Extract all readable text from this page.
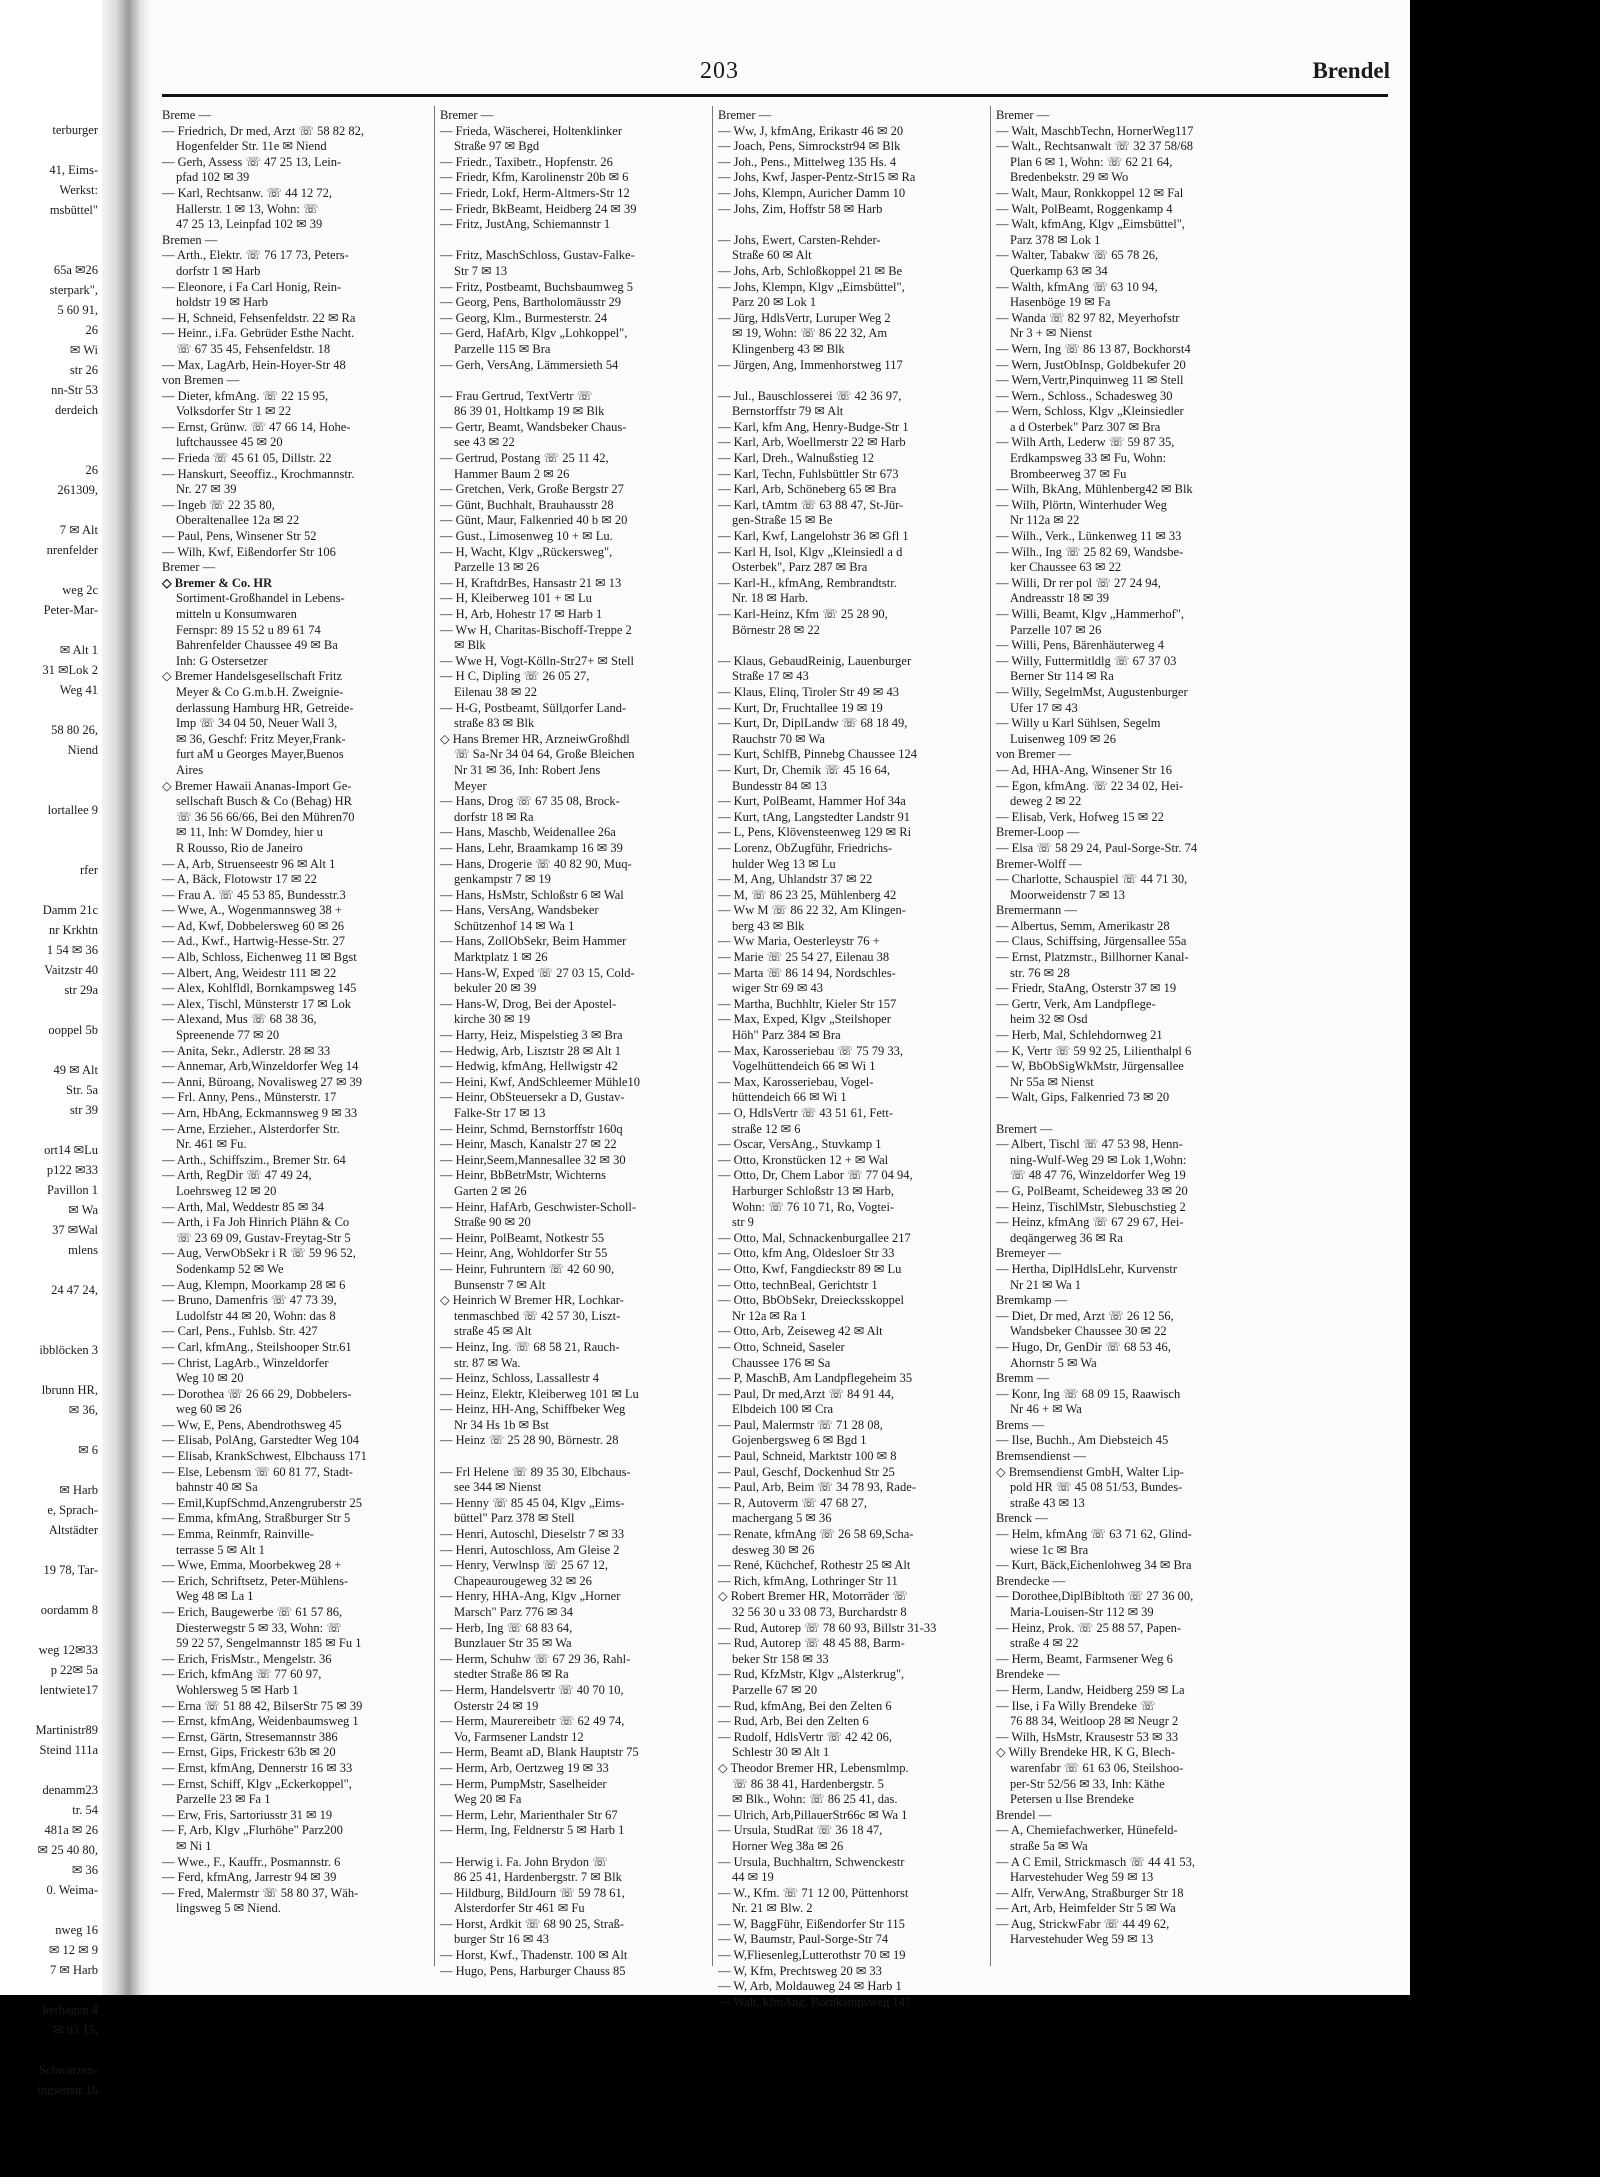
terburger

41, Eims-
Werkst:
msbüttel"

65a ✉26
sterpark",
5 60 91,
26
✉ Wi
str 26
nn-Str 53
derdeich

26
261309,

7 ✉ Alt
nrenfelder

weg 2c
Peter-Mar-

✉ Alt 1
31 ✉Lok 2
Weg 41

58 80 26,
Niend

lortallee 9

rfer

Damm 21c
nr Krkhtn
1 54 ✉ 36
Vaitzstr 40
str 29a

ooppel 5b

49 ✉ Alt
Str. 5a
str 39

ort14 ✉Lu
p122 ✉33
Pavillon 1
✉ Wa
37 ✉Wal
mlens

24 47 24,

ibblöcken 3

lbrunn HR,
✉ 36,

✉ 6

✉ Harb
e, Sprach-
Altstädter

19 78, Tar-

oordamm 8

weg 12✉33
p 22✉ 5a
lentwiete17

Martinistr89
Steind 111a

denamm23
tr. 54
481a ✉ 26
✉ 25 40 80,
✉ 36
0. Weima-

nweg 16
✉ 12 ✉ 9
7 ✉ Harb

kerhagen 4
✉ 93 15,

Schwarzen-
ingsenstr 16
203	Brendel
Breme —
— Friedrich, Dr med, Arzt ☏ 58 82 82,
Hogenfelder Str. 11e ✉ Niend
— Gerh, Assess ☏ 47 25 13, Lein-
pfad 102 ✉ 39
— Karl, Rechtsanw. ☏ 44 12 72,
Hallerstr. 1 ✉ 13, Wohn: ☏
47 25 13, Leinpfad 102 ✉ 39
Bremen —
— Arth., Elektr. ☏ 76 17 73, Peters-
dorfstr 1 ✉ Harb
— Eleonore, i Fa Carl Honig, Rein-
holdstr 19 ✉ Harb
— H, Schneid, Fehsenfeldstr. 22 ✉ Ra
— Heinr., i.Fa. Gebrüder Esthe Nacht.
☏ 67 35 45, Fehsenfeldstr. 18
— Max, LagArb, Hein-Hoyer-Str 48
von Bremen —
— Dieter, kfmAng. ☏ 22 15 95,
Volksdorfer Str 1 ✉ 22
— Ernst, Grünw. ☏ 47 66 14, Hohe-
luftchaussee 45 ✉ 20
— Frieda ☏ 45 61 05, Dillstr. 22
— Hanskurt, Seeoffiz., Krochmannstr.
Nr. 27 ✉ 39
— Ingeb ☏ 22 35 80,
Oberaltenallee 12a ✉ 22
— Paul, Pens, Winsener Str 52
— Wilh, Kwf, Eißendorfer Str 106
Bremer —
◇ Bremer & Co. HR
Sortiment-Großhandel in Lebens-
mitteln u Konsumwaren
Fernspr: 89 15 52 u 89 61 74
Bahrenfelder Chaussee 49 ✉ Ba
Inh: G Ostersetzer
◇ Bremer Handelsgesellschaft Fritz
Meyer & Co G.m.b.H. Zweignie-
derlassung Hamburg HR, Getreide-
Imp ☏ 34 04 50, Neuer Wall 3,
✉ 36, Geschf: Fritz Meyer,Frank-
furt aM u Georges Mayer,Buenos
Aires
◇ Bremer Hawaii Ananas-Import Ge-
sellschaft Busch & Co (Behag) HR
☏ 36 56 66/66, Bei den Mühren70
✉ 11, Inh: W Domdey, hier u
R Rousso, Rio de Janeiro
— A, Arb, Struenseestr 96 ✉ Alt 1
— A, Bäck, Flotowstr 17 ✉ 22
— Frau A. ☏ 45 53 85, Bundesstr.3
— Wwe, A., Wogenmannsweg 38 +
— Ad, Kwf, Dobbelersweg 60 ✉ 26
— Ad., Kwf., Hartwig-Hesse-Str. 27
— Alb, Schloss, Eichenweg 11 ✉ Bgst
— Albert, Ang, Weidestr 111 ✉ 22
— Alex, Kohlfldl, Bornkampsweg 145
— Alex, Tischl, Münsterstr 17 ✉ Lok
— Alexand, Mus ☏ 68 38 36,
Spreenende 77 ✉ 20
— Anita, Sekr., Adlerstr. 28 ✉ 33
— Annemar, Arb,Winzeldorfer Weg 14
— Anni, Büroang, Novalisweg 27 ✉ 39
— Frl. Anny, Pens., Münsterstr. 17
— Arn, HbAng, Eckmannsweg 9 ✉ 33
— Arne, Erzieher., Alsterdorfer Str.
Nr. 461 ✉ Fu.
— Arth., Schiffszim., Bremer Str. 64
— Arth, RegDir ☏ 47 49 24,
Loehrsweg 12 ✉ 20
— Arth, Mal, Weddestr 85 ✉ 34
— Arth, i Fa Joh Hinrich Plähn & Co
☏ 23 69 09, Gustav-Freytag-Str 5
— Aug, VerwObSekr i R ☏ 59 96 52,
Sodenkamp 52 ✉ We
— Aug, Klempn, Moorkamp 28 ✉ 6
— Bruno, Damenfris ☏ 47 73 39,
Ludolfstr 44 ✉ 20, Wohn: das 8
— Carl, Pens., Fuhlsb. Str. 427
— Carl, kfmAng., Steilshooper Str.61
— Christ, LagArb., Winzeldorfer
Weg 10 ✉ 20
— Dorothea ☏ 26 66 29, Dobbelers-
weg 60 ✉ 26
— Ww, E, Pens, Abendrothsweg 45
— Elisab, PolAng, Garstedter Weg 104
— Elisab, KrankSchwest, Elbchauss 171
— Else, Lebensm ☏ 60 81 77, Stadt-
bahnstr 40 ✉ Sa
— Emil,KupfSchmd,Anzengruberstr 25
— Emma, kfmAng, Straßburger Str 5
— Emma, Reinmfr, Rainville-
terrasse 5 ✉ Alt 1
— Wwe, Emma, Moorbekweg 28 +
— Erich, Schriftsetz, Peter-Mühlens-
Weg 48 ✉ La 1
— Erich, Baugewerbe ☏ 61 57 86,
Diesterwegstr 5 ✉ 33, Wohn: ☏
59 22 57, Sengelmannstr 185 ✉ Fu 1
— Erich, FrisMstr., Mengelstr. 36
— Erich, kfmAng ☏ 77 60 97,
Wohlersweg 5 ✉ Harb 1
— Erna ☏ 51 88 42, BilserStr 75 ✉ 39
— Ernst, kfmAng, Weidenbaumsweg 1
— Ernst, Gärtn, Stresemannstr 386
— Ernst, Gips, Frickestr 63b ✉ 20
— Ernst, kfmAng, Dennerstr 16 ✉ 33
— Ernst, Schiff, Klgv „Eckerkoppel",
Parzelle 23 ✉ Fa 1
— Erw, Fris, Sartoriusstr 31 ✉ 19
— F, Arb, Klgv „Flurhöhe" Parz200
✉ Ni 1
— Wwe., F., Kauffr., Posmannstr. 6
— Ferd, kfmAng, Jarrestr 94 ✉ 39
— Fred, Malermstr ☏ 58 80 37, Wäh-
lingsweg 5 ✉ Niend.
Bremer —
— Frieda, Wäscherei, Holtenklinker
Straße 97 ✉ Bgd
— Friedr., Taxibetr., Hopfenstr. 26
— Friedr, Kfm, Karolinenstr 20b ✉ 6
— Friedr, Lokf, Herm-Altmers-Str 12
— Friedr, BkBeamt, Heidberg 24 ✉ 39
— Fritz, JustAng, Schiemannstr 1

— Fritz, MaschSchloss, Gustav-Falke-
Str 7 ✉ 13
— Fritz, Postbeamt, Buchsbaumweg 5
— Georg, Pens, Bartholomäusstr 29
— Georg, Klm., Burmesterstr. 24
— Gerd, HafArb, Klgv „Lohkoppel",
Parzelle 115 ✉ Bra
— Gerh, VersAng, Lämmersieth 54

— Frau Gertrud, TextVertr ☏
86 39 01, Holtkamp 19 ✉ Blk
— Gertr, Beamt, Wandsbeker Chaus-
see 43 ✉ 22
— Gertrud, Postang ☏ 25 11 42,
Hammer Baum 2 ✉ 26
— Gretchen, Verk, Große Bergstr 27
— Günt, Buchhalt, Brauhausstr 28
— Günt, Maur, Falkenried 40 b ✉ 20
— Gust., Limosenweg 10 + ✉ Lu.
— H, Wacht, Klgv „Rückersweg",
Parzelle 13 ✉ 26
— H, KraftdrBes, Hansastr 21 ✉ 13
— H, Kleiberweg 101 + ✉ Lu
— H, Arb, Hohestr 17 ✉ Harb 1
— Ww H, Charitas-Bischoff-Treppe 2
✉ Blk
— Wwe H, Vogt-Kölln-Str27+ ✉ Stell
— H C, Dipling ☏ 26 05 27,
Eilenau 38 ✉ 22
— H-G, Postbeamt, Süllдorfer Land-
straße 83 ✉ Blk
◇ Hans Bremer HR, ArzneiwGroßhdl
☏ Sa-Nr 34 04 64, Große Bleichen
Nr 31 ✉ 36, Inh: Robert Jens
Meyer
— Hans, Drog ☏ 67 35 08, Brock-
dorfstr 18 ✉ Ra
— Hans, Maschb, Weidenallee 26a
— Hans, Lehr, Braamkamp 16 ✉ 39
— Hans, Drogerie ☏ 40 82 90, Muq-
genkampstr 7 ✉ 19
— Hans, HsMstr, Schloßstr 6 ✉ Wal
— Hans, VersAng, Wandsbeker
Schützenhof 14 ✉ Wa 1
— Hans, ZollObSekr, Beim Hammer
Marktplatz 1 ✉ 26
— Hans-W, Exped ☏ 27 03 15, Cold-
bekuler 20 ✉ 39
— Hans-W, Drog, Bei der Apostel-
kirche 30 ✉ 19
— Harry, Heiz, Mispelstieg 3 ✉ Bra
— Hedwig, Arb, Lisztstr 28 ✉ Alt 1
— Hedwig, kfmAng, Hellwigstr 42
— Heini, Kwf, AndSchleemer Mühle10
— Heinr, ObSteuersekr a D, Gustav-
Falke-Str 17 ✉ 13
— Heinr, Schmd, Bernstorffstr 160q
— Heinr, Masch, Kanalstr 27 ✉ 22
— Heinr,Seem,Mannesallee 32 ✉ 30
— Heinr, BbBetrMstr, Wichterns
Garten 2 ✉ 26
— Heinr, HafArb, Geschwister-Scholl-
Straße 90 ✉ 20
— Heinr, PolBeamt, Notkestr 55
— Heinr, Ang, Wohldorfer Str 55
— Heinr, Fuhruntern ☏ 42 60 90,
Bunsenstr 7 ✉ Alt
◇ Heinrich W Bremer HR, Lochkar-
tenmaschbed ☏ 42 57 30, Liszt-
straße 45 ✉ Alt
— Heinz, Ing. ☏ 68 58 21, Rauch-
str. 87 ✉ Wa.
— Heinz, Schloss, Lassallestr 4
— Heinz, Elektr, Kleiberweg 101 ✉ Lu
— Heinz, HH-Ang, Schiffbeker Weg
Nr 34 Hs 1b ✉ Bst
— Heinz ☏ 25 28 90, Börnestr. 28

— Frl Helene ☏ 89 35 30, Elbchaus-
see 344 ✉ Nienst
— Henny ☏ 85 45 04, Klgv „Eims-
büttel" Parz 378 ✉ Stell
— Henri, Autoschl, Dieselstr 7 ✉ 33
— Henri, Autoschloss, Am Gleise 2
— Henry, Verwlnsp ☏ 25 67 12,
Chapeaurougeweg 32 ✉ 26
— Henry, HHA-Ang, Klgv „Horner
Marsch" Parz 776 ✉ 34
— Herb, Ing ☏ 68 83 64,
Bunzlauer Str 35 ✉ Wa
— Herm, Schuhw ☏ 67 29 36, Rahl-
stedter Straße 86 ✉ Ra
— Herm, Handelsvertr ☏ 40 70 10,
Osterstr 24 ✉ 19
— Herm, Maurereibetr ☏ 62 49 74,
Vo, Farmsener Landstr 12
— Herm, Beamt aD, Blank Hauptstr 75
— Herm, Arb, Oertzweg 19 ✉ 33
— Herm, PumpMstr, Saselheider
Weg 20 ✉ Fa
— Herm, Lehr, Marienthaler Str 67
— Herm, Ing, Feldnerstr 5 ✉ Harb 1

— Herwig i. Fa. John Brydon ☏
86 25 41, Hardenbergstr. 7 ✉ Blk
— Hildburg, BildJourn ☏ 59 78 61,
Alsterdorfer Str 461 ✉ Fu
— Horst, Ardkit ☏ 68 90 25, Straß-
burger Str 16 ✉ 43
— Horst, Kwf., Thadenstr. 100 ✉ Alt
— Hugo, Pens, Harburger Chauss 85
Bremer —
— Ww, J, kfmAng, Erikastr 46 ✉ 20
— Joach, Pens, Simrockstr94 ✉ Blk
— Joh., Pens., Mittelweg 135 Hs. 4
— Johs, Kwf, Jasper-Pentz-Str15 ✉ Ra
— Johs, Klempn, Auricher Damm 10
— Johs, Zim, Hoffstr 58 ✉ Harb

— Johs, Ewert, Carsten-Rehder-
Straße 60 ✉ Alt
— Johs, Arb, Schloßkoppel 21 ✉ Be
— Johs, Klempn, Klgv „Eimsbüttel",
Parz 20 ✉ Lok 1
— Jürg, HdlsVertr, Luruper Weg 2
✉ 19, Wohn: ☏ 86 22 32, Am
Klingenberg 43 ✉ Blk
— Jürgen, Ang, Immenhorstweg 117

— Jul., Bauschlosserei ☏ 42 36 97,
Bernstorffstr 79 ✉ Alt
— Karl, kfm Ang, Henry-Budge-Str 1
— Karl, Arb, Woellmerstr 22 ✉ Harb
— Karl, Dreh., Walnußstieg 12
— Karl, Techn, Fuhlsbüttler Str 673
— Karl, Arb, Schöneberg 65 ✉ Bra
— Karl, tAmtm ☏ 63 88 47, St-Jür-
gen-Straße 15 ✉ Be
— Karl, Kwf, Langelohstr 36 ✉ Gfl 1
— Karl H, Isol, Klgv „Kleinsiedl a d
Osterbek", Parz 287 ✉ Bra
— Karl-H., kfmAng, Rembrandtstr.
Nr. 18 ✉ Harb.
— Karl-Heinz, Kfm ☏ 25 28 90,
Börnestr 28 ✉ 22

— Klaus, GebaudReinig, Lauenburger
Straße 17 ✉ 43
— Klaus, Elinq, Tiroler Str 49 ✉ 43
— Kurt, Dr, Fruchtallee 19 ✉ 19
— Kurt, Dr, DiplLandw ☏ 68 18 49,
Rauchstr 70 ✉ Wa
— Kurt, SchlfB, Pinnebg Chaussee 124
— Kurt, Dr, Chemik ☏ 45 16 64,
Bundesstr 84 ✉ 13
— Kurt, PolBeamt, Hammer Hof 34a
— Kurt, tAng, Langstedter Landstr 91
— L, Pens, Klövensteenweg 129 ✉ Ri
— Lorenz, ObZugführ, Friedrichs-
hulder Weg 13 ✉ Lu
— M, Ang, Uhlandstr 37 ✉ 22
— M, ☏ 86 23 25, Mühlenberg 42
— Ww M ☏ 86 22 32, Am Klingen-
berg 43 ✉ Blk
— Ww Maria, Oesterleystr 76 +
— Marie ☏ 25 54 27, Eilenau 38
— Marta ☏ 86 14 94, Nordschles-
wiger Str 69 ✉ 43
— Martha, Buchhltr, Kieler Str 157
— Max, Exped, Klgv „Steilshoper
Höh" Parz 384 ✉ Bra
— Max, Karosseriebau ☏ 75 79 33,
Vogelhüttendeich 66 ✉ Wi 1
— Max, Karosseriebau, Vogel-
hüttendeich 66 ✉ Wi 1
— O, HdlsVertr ☏ 43 51 61, Fett-
straße 12 ✉ 6
— Oscar, VersAng., Stuvkamp 1
— Otto, Kronstücken 12 + ✉ Wal
— Otto, Dr, Chem Labor ☏ 77 04 94,
Harburger Schloßstr 13 ✉ Harb,
Wohn: ☏ 76 10 71, Ro, Vogtei-
str 9
— Otto, Mal, Schnackenburgallee 217
— Otto, kfm Ang, Oldesloer Str 33
— Otto, Kwf, Fangdieckstr 89 ✉ Lu
— Otto, technBeal, Gerichtstr 1
— Otto, BbObSekr, Dreiecksskoppel
Nr 12a ✉ Ra 1
— Otto, Arb, Zeiseweg 42 ✉ Alt
— Otto, Schneid, Saseler
Chaussee 176 ✉ Sa
— P, MaschB, Am Landpflegeheim 35
— Paul, Dr med,Arzt ☏ 84 91 44,
Elbdeich 100 ✉ Cra
— Paul, Malermstr ☏ 71 28 08,
Gojenbergsweg 6 ✉ Bgd 1
— Paul, Schneid, Marktstr 100 ✉ 8
— Paul, Geschf, Dockenhud Str 25
— Paul, Arb, Beim ☏ 34 78 93, Rade-
— R, Autoverm ☏ 47 68 27,
machergang 5 ✉ 36
— Renate, kfmAng ☏ 26 58 69,Scha-
desweg 30 ✉ 26
— René, Küchchef, Rothestr 25 ✉ Alt
— Rich, kfmAng, Lothringer Str 11
◇ Robert Bremer HR, Motorräder ☏
32 56 30 u 33 08 73, Burchardstr 8
— Rud, Autorep ☏ 78 60 93, Billstr 31-33
— Rud, Autorep ☏ 48 45 88, Barm-
beker Str 158 ✉ 33
— Rud, KfzMstr, Klgv „Alsterkrug",
Parzelle 67 ✉ 20
— Rud, kfmAng, Bei den Zelten 6
— Rud, Arb, Bei den Zelten 6
— Rudolf, HdlsVertr ☏ 42 42 06,
Schlestr 30 ✉ Alt 1
◇ Theodor Bremer HR, Lebensmlmp.
☏ 86 38 41, Hardenbergstr. 5
✉ Blk., Wohn: ☏ 86 25 41, das.
— Ulrich, Arb,PillauerStr66c ✉ Wa 1
— Ursula, StudRat ☏ 36 18 47,
Horner Weg 38a ✉ 26
— Ursula, Buchhaltrn, Schwenckestr
44 ✉ 19
— W., Kfm. ☏ 71 12 00, Püttenhorst
Nr. 21 ✉ Blw. 2
— W, BaggFühr, Eißendorfer Str 115
— W, Baumstr, Paul-Sorge-Str 74
— W,Fliesenleg,Lutterothstr 70 ✉ 19
— W, Kfm, Prechtsweg 20 ✉ 33
— W, Arb, Moldauweg 24 ✉ Harb 1
— Walt, kfmAng, Bornkampsweg 147
Bremer —
— Walt, MaschbTechn, HornerWeg117
— Walt., Rechtsanwalt ☏ 32 37 58/68
Plan 6 ✉ 1, Wohn: ☏ 62 21 64,
Bredenbekstr. 29 ✉ Wo
— Walt, Maur, Ronkkoppel 12 ✉ Fal
— Walt, PolBeamt, Roggenkamp 4
— Walt, kfmAng, Klgv „Eimsbüttel",
Parz 378 ✉ Lok 1
— Walter, Tabakw ☏ 65 78 26,
Querkamp 63 ✉ 34
— Walth, kfmAng ☏ 63 10 94,
Hasenböge 19 ✉ Fa
— Wanda ☏ 82 97 82, Meyerhofstr
Nr 3 + ✉ Nienst
— Wern, Ing ☏ 86 13 87, Bockhorst4
— Wern, JustObInsp, Goldbekufer 20
— Wern,Vertr,Pinquinweg 11 ✉ Stell
— Wern., Schloss., Schadesweg 30
— Wern, Schloss, Klgv „Kleinsiedler
a d Osterbek" Parz 307 ✉ Bra
— Wilh Arth, Lederw ☏ 59 87 35,
Erdkampsweg 33 ✉ Fu, Wohn:
Brombeerweg 37 ✉ Fu
— Wilh, BkAng, Mühlenberg42 ✉ Blk
— Wilh, Plörtn, Winterhuder Weg
Nr 112a ✉ 22
— Wilh., Verk., Lünkenweg 11 ✉ 33
— Wilh., Ing ☏ 25 82 69, Wandsbe-
ker Chaussee 63 ✉ 22
— Willi, Dr rer pol ☏ 27 24 94,
Andreasstr 18 ✉ 39
— Willi, Beamt, Klgv „Hammerhof",
Parzelle 107 ✉ 26
— Willi, Pens, Bärenhäuterweg 4
— Willy, Futtermitldlg ☏ 67 37 03
Berner Str 114 ✉ Ra
— Willy, SegelmMst, Augustenburger
Ufer 17 ✉ 43
— Willy u Karl Sühlsen, Segelm
Luisenweg 109 ✉ 26
von Bremer —
— Ad, HHA-Ang, Winsener Str 16
— Egon, kfmAng. ☏ 22 34 02, Hei-
deweg 2 ✉ 22
— Elisab, Verk, Hofweg 15 ✉ 22
Bremer-Loop —
— Elsa ☏ 58 29 24, Paul-Sorge-Str. 74
Bremer-Wolff —
— Charlotte, Schauspiel ☏ 44 71 30,
Moorweidenstr 7 ✉ 13
Bremermann —
— Albertus, Semm, Amerikastr 28
— Claus, Schiffsing, Jürgensallee 55a
— Ernst, Platzmstr., Billhorner Kanal-
str. 76 ✉ 28
— Friedr, StaAng, Osterstr 37 ✉ 19
— Gertr, Verk, Am Landpflege-
heim 32 ✉ Osd
— Herb, Mal, Schlehdornweg 21
— K, Vertr ☏ 59 92 25, Lilienthalpl 6
— W, BbObSigWkMstr, Jürgensallee
Nr 55a ✉ Nienst
— Walt, Gips, Falkenried 73 ✉ 20

Bremert —
— Albert, Tischl ☏ 47 53 98, Henn-
ning-Wulf-Weg 29 ✉ Lok 1,Wohn:
☏ 48 47 76, Winzeldorfer Weg 19
— G, PolBeamt, Scheideweg 33 ✉ 20
— Heinz, TischlMstr, Slebuschstieg 2
— Heinz, kfmAng ☏ 67 29 67, Hei-
deqängerweg 36 ✉ Ra
Bremeyer —
— Hertha, DiplHdlsLehr, Kurvenstr
Nr 21 ✉ Wa 1
Bremkamp —
— Diet, Dr med, Arzt ☏ 26 12 56,
Wandsbeker Chaussee 30 ✉ 22
— Hugo, Dr, GenDir ☏ 68 53 46,
Ahornstr 5 ✉ Wa
Bremm —
— Konr, Ing ☏ 68 09 15, Raawisch
Nr 46 + ✉ Wa
Brems —
— Ilse, Buchh., Am Diebsteich 45
Bremsendienst —
◇ Bremsendienst GmbH, Walter Lip-
pold HR ☏ 45 08 51/53, Bundes-
straße 43 ✉ 13
Brenck —
— Helm, kfmAng ☏ 63 71 62, Glind-
wiese 1c ✉ Bra
— Kurt, Bäck,Eichenlohweg 34 ✉ Bra
Brendecke —
— Dorothee,DiplBibltoth ☏ 27 36 00,
Maria-Louisen-Str 112 ✉ 39
— Heinz, Prok. ☏ 25 88 57, Papen-
straße 4 ✉ 22
— Herm, Beamt, Farmsener Weg 6
Brendeke —
— Herm, Landw, Heidberg 259 ✉ La
— Ilse, i Fa Willy Brendeke ☏
76 88 34, Weitloop 28 ✉ Neugr 2
— Wilh, HsMstr, Krausestr 53 ✉ 33
◇ Willy Brendeke HR, K G, Blech-
warenfabr ☏ 61 63 06, Steilshoo-
per-Str 52/56 ✉ 33, Inh: Käthe
Petersen u Ilse Brendeke
Brendel —
— A, Chemiefachwerker, Hünefeld-
straße 5a ✉ Wa
— A C Emil, Strickmasch ☏ 44 41 53,
Harvestehuder Weg 59 ✉ 13
— Alfr, VerwAng, Straßburger Str 18
— Art, Arb, Heimfelder Str 5 ✉ Wa
— Aug, StrickwFabr ☏ 44 49 62,
Harvestehuder Weg 59 ✉ 13
